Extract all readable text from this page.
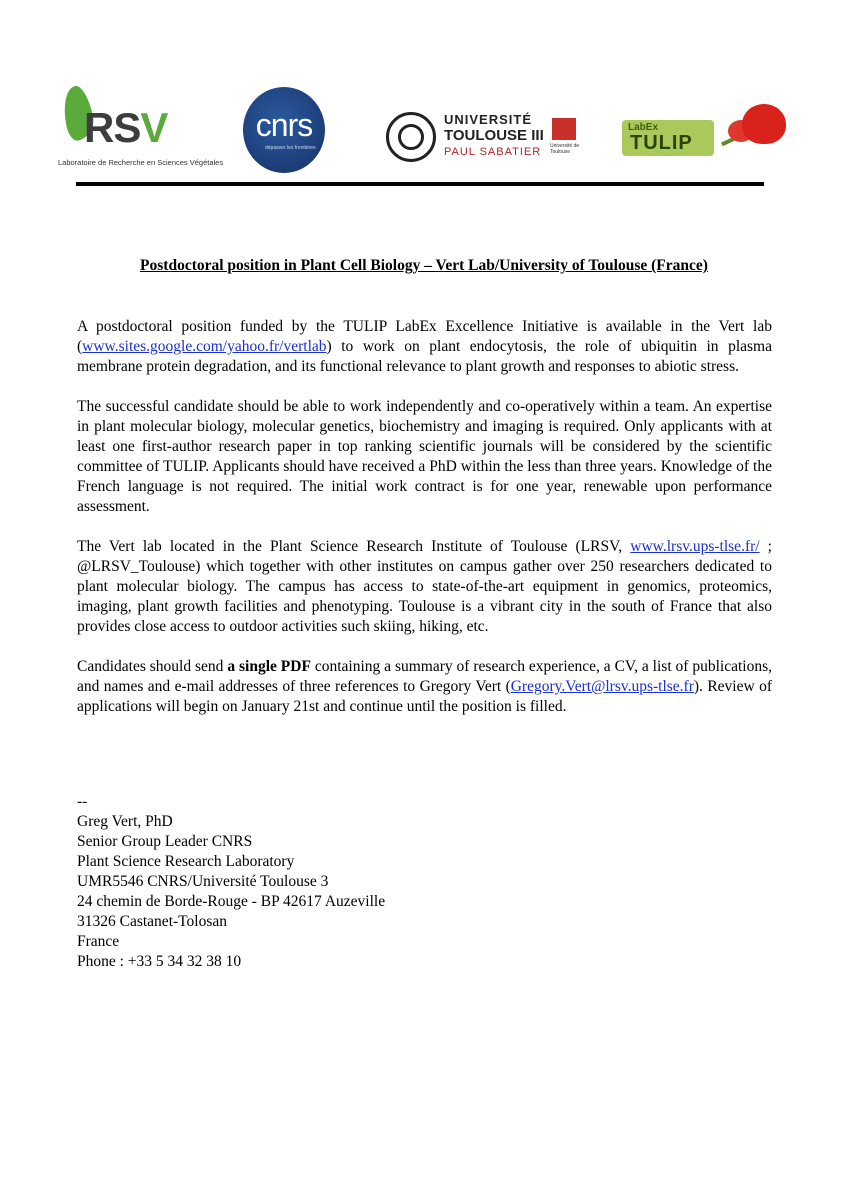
RSV
Laboratoire de Recherche en Sciences Végétales
cnrs
dépasser les frontières
UNIVERSITÉ
TOULOUSE III
PAUL SABATIER Université de Toulouse
LabEx
TULIP
Postdoctoral position in Plant Cell Biology – Vert Lab/University of Toulouse (France)

A postdoctoral position funded by the TULIP LabEx Excellence Initiative is available in the Vert lab (www.sites.google.com/yahoo.fr/vertlab) to work on plant endocytosis, the role of ubiquitin in plasma membrane protein degradation, and its functional relevance to plant growth and responses to abiotic stress.

The successful candidate should be able to work independently and co-operatively within a team. An expertise in plant molecular biology, molecular genetics, biochemistry and imaging is required. Only applicants with at least one first-author research paper in top ranking scientific journals will be considered by the scientific committee of TULIP. Applicants should have received a PhD within the less than three years. Knowledge of the French language is not required. The initial work contract is for one year, renewable upon performance assessment.

The Vert lab located in the Plant Science Research Institute of Toulouse (LRSV, www.lrsv.ups-tlse.fr/ ; @LRSV_Toulouse) which together with other institutes on campus gather over 250 researchers dedicated to plant molecular biology. The campus has access to state-of-the-art equipment in genomics, proteomics, imaging, plant growth facilities and phenotyping. Toulouse is a vibrant city in the south of France that also provides close access to outdoor activities such skiing, hiking, etc.

Candidates should send a single PDF containing a summary of research experience, a CV, a list of publications, and names and e-mail addresses of three references to Gregory Vert (Gregory.Vert@lrsv.ups-tlse.fr). Review of applications will begin on January 21st and continue until the position is filled.

--
Greg Vert, PhD
Senior Group Leader CNRS
Plant Science Research Laboratory
UMR5546 CNRS/Université Toulouse 3
24 chemin de Borde-Rouge - BP 42617 Auzeville
31326 Castanet-Tolosan
France
Phone : +33 5 34 32 38 10
